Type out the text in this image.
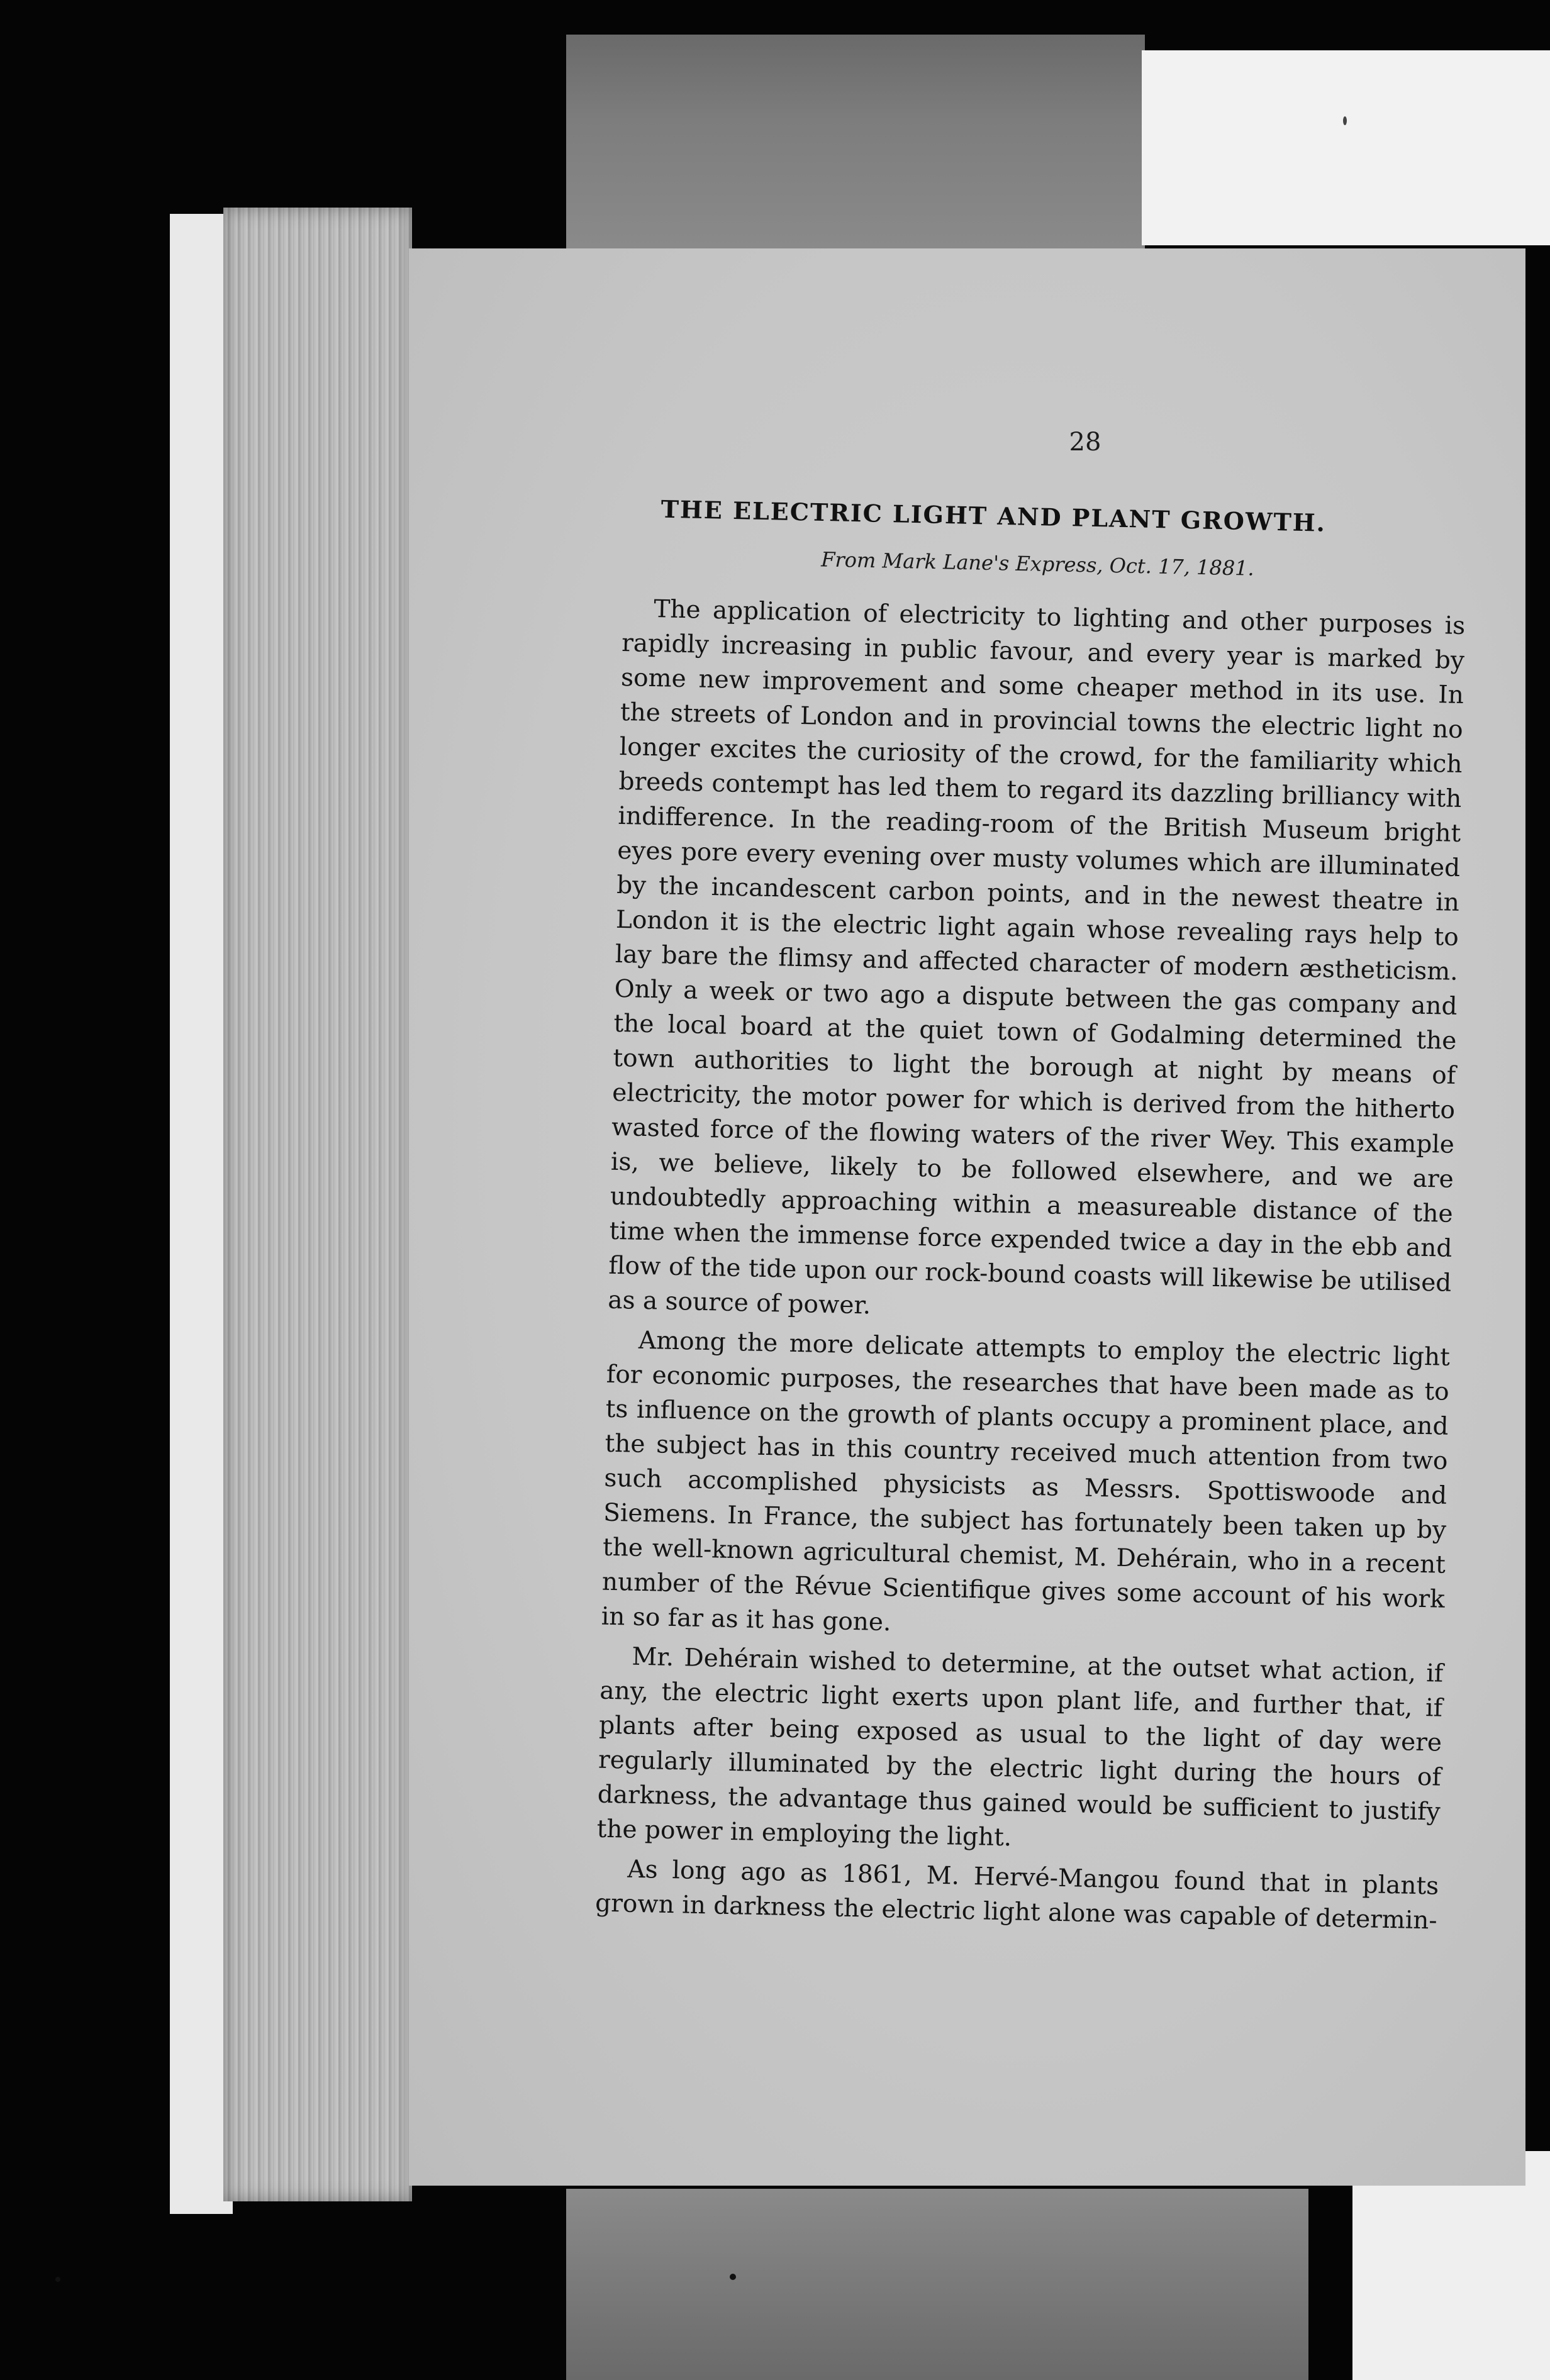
28
THE ELECTRIC LIGHT AND PLANT GROWTH.
From Mark Lane's Express, Oct. 17, 1881.

The application of electricity to lighting and other purposes is rapidly increasing in public favour, and every year is marked by some new improvement and some cheaper method in its use. In the streets of London and in provincial towns the electric light no longer excites the curiosity of the crowd, for the familiarity which breeds contempt has led them to regard its dazzling brilliancy with indifference. In the reading-room of the British Museum bright eyes pore every evening over musty volumes which are illuminated by the incandescent carbon points, and in the newest theatre in London it is the electric light again whose revealing rays help to lay bare the flimsy and affected character of modern æstheticism. Only a week or two ago a dispute between the gas company and the local board at the quiet town of Godalming determined the town authorities to light the borough at night by means of electricity, the motor power for which is derived from the hitherto wasted force of the flowing waters of the river Wey. This example is, we believe, likely to be followed elsewhere, and we are undoubtedly approaching within a measureable distance of the time when the immense force expended twice a day in the ebb and flow of the tide upon our rock-bound coasts will likewise be utilised as a source of power.

Among the more delicate attempts to employ the electric light for economic purposes, the researches that have been made as to ts influence on the growth of plants occupy a prominent place, and the subject has in this country received much attention from two such accomplished physicists as Messrs. Spottiswoode and Siemens. In France, the subject has fortunately been taken up by the well-known agricultural chemist, M. Dehérain, who in a recent number of the Révue Scientifique gives some account of his work in so far as it has gone.

Mr. Dehérain wished to determine, at the outset what action, if any, the electric light exerts upon plant life, and further that, if plants after being exposed as usual to the light of day were regularly illuminated by the electric light during the hours of darkness, the advantage thus gained would be sufficient to justify the power in employing the light.

As long ago as 1861, M. Hervé-Mangou found that in plants grown in darkness the electric light alone was capable of determin-
